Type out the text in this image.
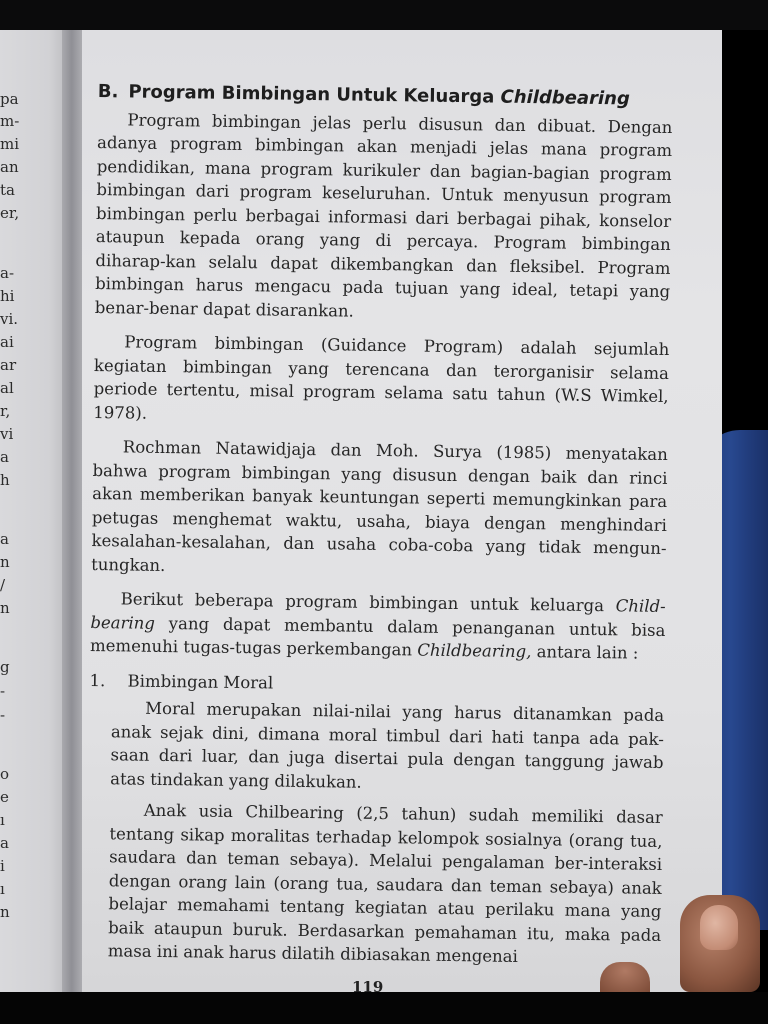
pa
m-
mi
an
ta
er,
a-
hi
vi.
ai
ar
al
r,
vi
a
h
a
n
/
n
g
-
-
o
e
ı
a
i
ı
n
B. Program Bimbingan Untuk Keluarga Childbearing

Program bimbingan jelas perlu disusun dan dibuat. Dengan adanya program bimbingan akan menjadi jelas mana program pendidikan, mana program kurikuler dan bagian-bagian program bimbingan dari program keseluruhan. Untuk menyusun program bimbingan perlu berbagai informasi dari berbagai pihak, konselor ataupun kepada orang yang di percaya. Program bimbingan diharap-kan selalu dapat dikembangkan dan fleksibel. Program bimbingan harus mengacu pada tujuan yang ideal, tetapi yang benar-benar dapat disarankan.

Program bimbingan (Guidance Program) adalah sejumlah kegiatan bimbingan yang terencana dan terorganisir selama periode tertentu, misal program selama satu tahun (W.S Wimkel, 1978).

Rochman Natawidjaja dan Moh. Surya (1985) menyatakan bahwa program bimbingan yang disusun dengan baik dan rinci akan memberikan banyak keuntungan seperti memungkinkan para petugas menghemat waktu, usaha, biaya dengan menghindari kesalahan-kesalahan, dan usaha coba-coba yang tidak mengun-tungkan.

Berikut beberapa program bimbingan untuk keluarga Child-bearing yang dapat membantu dalam penanganan untuk bisa memenuhi tugas-tugas perkembangan Childbearing, antara lain :

1. Bimbingan Moral

Moral merupakan nilai-nilai yang harus ditanamkan pada anak sejak dini, dimana moral timbul dari hati tanpa ada pak-saan dari luar, dan juga disertai pula dengan tanggung jawab atas tindakan yang dilakukan.

Anak usia Chilbearing (2,5 tahun) sudah memiliki dasar tentang sikap moralitas terhadap kelompok sosialnya (orang tua, saudara dan teman sebaya). Melalui pengalaman ber-interaksi dengan orang lain (orang tua, saudara dan teman sebaya) anak belajar memahami tentang kegiatan atau perilaku mana yang baik ataupun buruk. Berdasarkan pemahaman itu, maka pada masa ini anak harus dilatih dibiasakan mengenai

119
